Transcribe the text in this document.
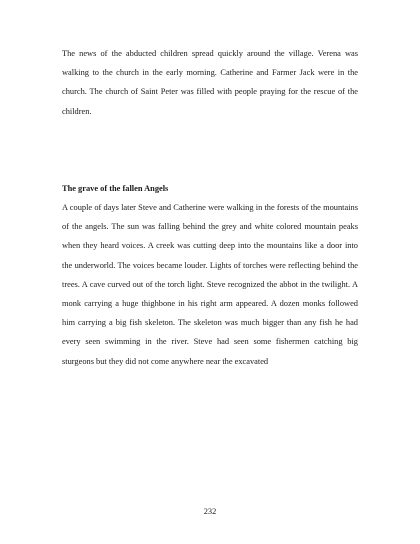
The news of the abducted children spread quickly around the village. Verena was walking to the church in the early morning. Catherine and Farmer Jack were in the church. The church of Saint Peter was filled with people praying for the rescue of the children.

The grave of the fallen Angels

A couple of days later Steve and Catherine were walking in the forests of the mountains of the angels. The sun was falling behind the grey and white colored mountain peaks when they heard voices. A creek was cutting deep into the mountains like a door into the underworld. The voices became louder. Lights of torches were reflecting behind the trees. A cave curved out of the torch light. Steve recognized the abbot in the twilight. A monk carrying a huge thighbone in his right arm appeared. A dozen monks followed him carrying a big fish skeleton. The skeleton was much bigger than any fish he had every seen swimming in the river. Steve had seen some fishermen catching big sturgeons but they did not come anywhere near the excavated

232
